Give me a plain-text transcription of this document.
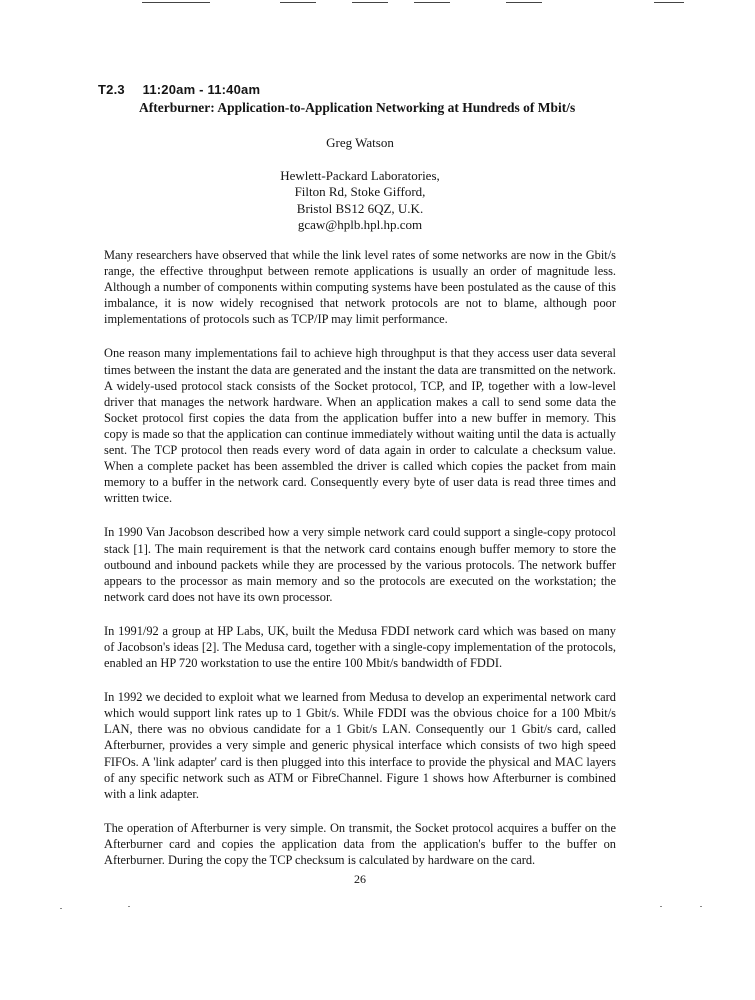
T2.3 11:20am - 11:40am
Afterburner: Application-to-Application Networking at Hundreds of Mbit/s
Greg Watson
Hewlett-Packard Laboratories,
Filton Rd, Stoke Gifford,
Bristol BS12 6QZ, U.K.
gcaw@hplb.hpl.hp.com

Many researchers have observed that while the link level rates of some networks are now in the Gbit/s range, the effective throughput between remote applications is usually an order of magnitude less. Although a number of components within computing systems have been postulated as the cause of this imbalance, it is now widely recognised that network protocols are not to blame, although poor implementations of protocols such as TCP/IP may limit performance.

One reason many implementations fail to achieve high throughput is that they access user data several times between the instant the data are generated and the instant the data are transmitted on the network. A widely-used protocol stack consists of the Socket protocol, TCP, and IP, together with a low-level driver that manages the network hardware. When an application makes a call to send some data the Socket protocol first copies the data from the application buffer into a new buffer in memory. This copy is made so that the application can continue immediately without waiting until the data is actually sent. The TCP protocol then reads every word of data again in order to calculate a checksum value. When a complete packet has been assembled the driver is called which copies the packet from main memory to a buffer in the network card. Consequently every byte of user data is read three times and written twice.

In 1990 Van Jacobson described how a very simple network card could support a single-copy protocol stack [1]. The main requirement is that the network card contains enough buffer memory to store the outbound and inbound packets while they are processed by the various protocols. The network buffer appears to the processor as main memory and so the protocols are executed on the workstation; the network card does not have its own processor.

In 1991/92 a group at HP Labs, UK, built the Medusa FDDI network card which was based on many of Jacobson's ideas [2]. The Medusa card, together with a single-copy implementation of the protocols, enabled an HP 720 workstation to use the entire 100 Mbit/s bandwidth of FDDI.

In 1992 we decided to exploit what we learned from Medusa to develop an experimental network card which would support link rates up to 1 Gbit/s. While FDDI was the obvious choice for a 100 Mbit/s LAN, there was no obvious candidate for a 1 Gbit/s LAN. Consequently our 1 Gbit/s card, called Afterburner, provides a very simple and generic physical interface which consists of two high speed FIFOs. A 'link adapter' card is then plugged into this interface to provide the physical and MAC layers of any specific network such as ATM or FibreChannel. Figure 1 shows how Afterburner is combined with a link adapter.

The operation of Afterburner is very simple. On transmit, the Socket protocol acquires a buffer on the Afterburner card and copies the application data from the application's buffer to the buffer on Afterburner. During the copy the TCP checksum is calculated by hardware on the card.

26
